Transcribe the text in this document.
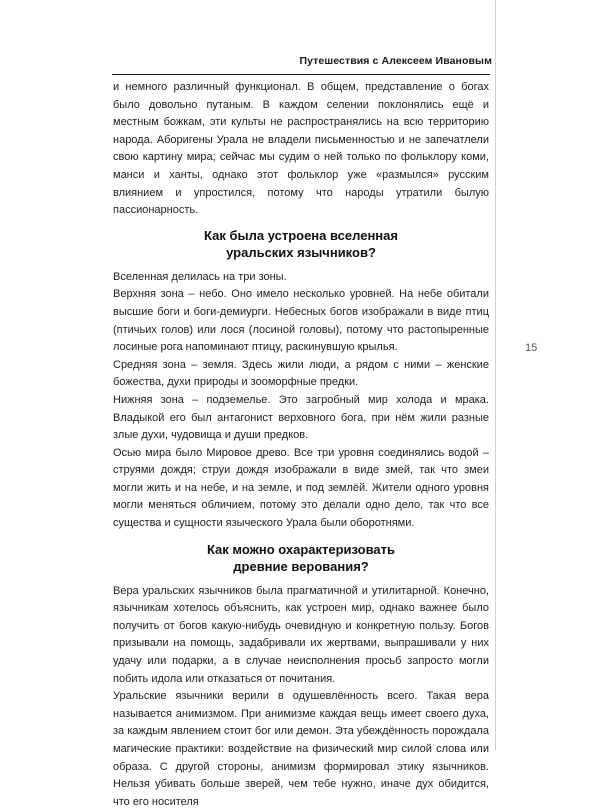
Путешествия с Алексеем Ивановым
15

и немного различный функционал. В общем, представление о богах было довольно путаным. В каждом селении поклонялись ещё и местным божкам, эти культы не распространялись на всю территорию народа. Аборигены Урала не владели письменностью и не запечатлели свою картину мира; сейчас мы судим о ней только по фольклору коми, манси и ханты, однако этот фольклор уже «размылся» русским влиянием и упростился, потому что народы утратили былую пассионарность.

Как была устроена вселенная
уральских язычников?

Вселенная делилась на три зоны.

Верхняя зона – небо. Оно имело несколько уровней. На небе обитали высшие боги и боги-демиурги. Небесных богов изображали в виде птиц (птичьих голов) или лося (лосиной головы), потому что растопыренные лосиные рога напоминают птицу, раскинувшую крылья.

Средняя зона – земля. Здесь жили люди, а рядом с ними – женские божества, духи природы и зооморфные предки.

Нижняя зона – подземелье. Это загробный мир холода и мрака. Владыкой его был антагонист верховного бога, при нём жили разные злые духи, чудовища и души предков.

Осью мира было Мировое древо. Все три уровня соединялись водой – струями дождя; струи дождя изображали в виде змей, так что змеи могли жить и на небе, и на земле, и под землёй. Жители одного уровня могли меняться обличием, потому это делали одно дело, так что все существа и сущности языческого Урала были оборотнями.

Как можно охарактеризовать
древние верования?

Вера уральских язычников была прагматичной и утилитарной. Конечно, язычникам хотелось объяснить, как устроен мир, однако важнее было получить от богов какую-нибудь очевидную и конкретную пользу. Богов призывали на помощь, задабривали их жертвами, выпрашивали у них удачу или подарки, а в случае неисполнения просьб запросто могли побить идола или отказаться от почитания.

Уральские язычники верили в одушевлённость всего. Такая вера называется анимизмом. При анимизме каждая вещь имеет своего духа, за каждым явлением стоит бог или демон. Эта убеждённость порождала магические практики: воздействие на физический мир силой слова или образа. С другой стороны, анимизм формировал этику язычников. Нельзя убивать больше зверей, чем тебе нужно, иначе дух обидится, что его носителя
